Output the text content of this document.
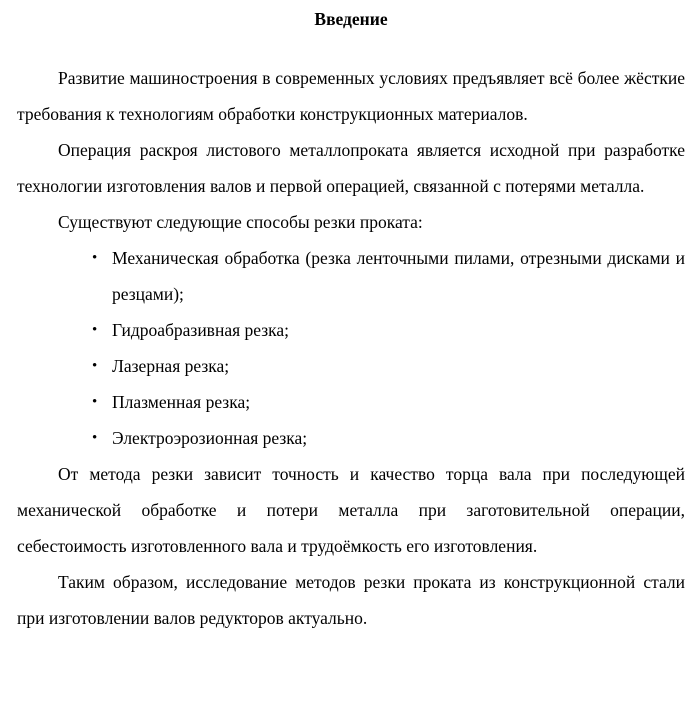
Введение

Развитие машиностроения в современных условиях предъявляет всё более жёсткие требования к технологиям обработки конструкционных материалов.

Операция раскроя листового металлопроката является исходной при разработке технологии изготовления валов и первой операцией, связанной с потерями металла.

Существуют следующие способы резки проката:

• Механическая обработка (резка ленточными пилами, отрезными дисками и резцами);
• Гидроабразивная резка;
• Лазерная резка;
• Плазменная резка;
• Электроэрозионная резка;

От метода резки зависит точность и качество торца вала при последующей механической обработке и потери металла при заготовительной операции, себестоимость изготовленного вала и трудоёмкость его изготовления.

Таким образом, исследование методов резки проката из конструкционной стали при изготовлении валов редукторов актуально.
